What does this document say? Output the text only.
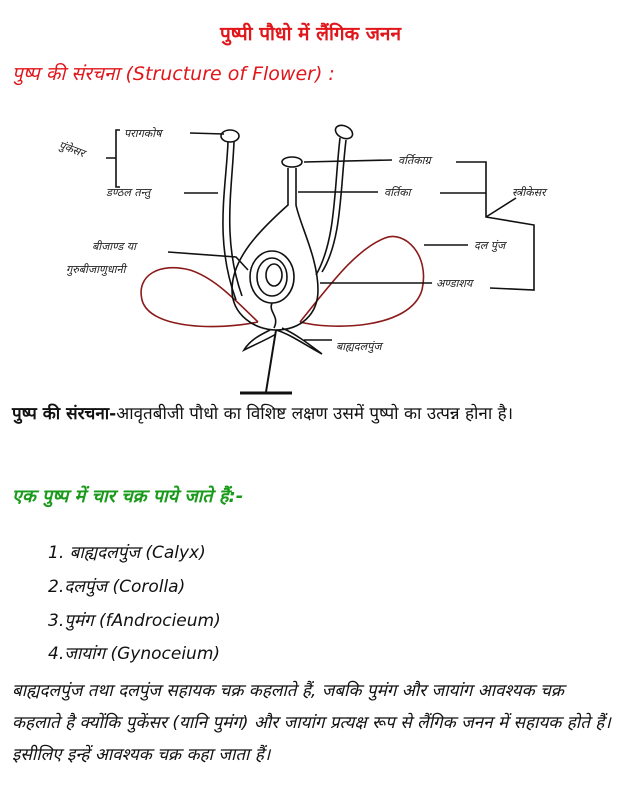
पुष्पी पौधो में लैंगिक जनन
पुष्प की संरचना (Structure of Flower) :
पुंकेसर
परागकोष
डण्ठल तन्तु
वर्तिकाग्र
वर्तिका	स्त्रीकेसर
दल पुंज
अण्डाशय
बीजाण्ड या
गुरुबीजाणुधानी
बाह्यदलपुंज
पुष्प की संरचना-आवृतबीजी पौधो का विशिष्ट लक्षण उसमें पुष्पो का उत्पन्न होना है।
एक पुष्प में चार चक्र पाये जाते हैं:-
1. बाह्यदलपुंज (Calyx)
2.दलपुंज (Corolla)
3.पुमंग (fAndrocieum)
4.जायांग (Gynoceium)
बाह्यदलपुंज तथा दलपुंज सहायक चक्र कहलाते हैं, जबकि पुमंग और जायांग आवश्यक चक्र कहलाते है क्योंकि पुकेंसर (यानि पुमंग) और जायांग प्रत्यक्ष रूप से लैंगिक जनन में सहायक होते हैं। इसीलिए इन्हें आवश्यक चक्र कहा जाता हैं।
